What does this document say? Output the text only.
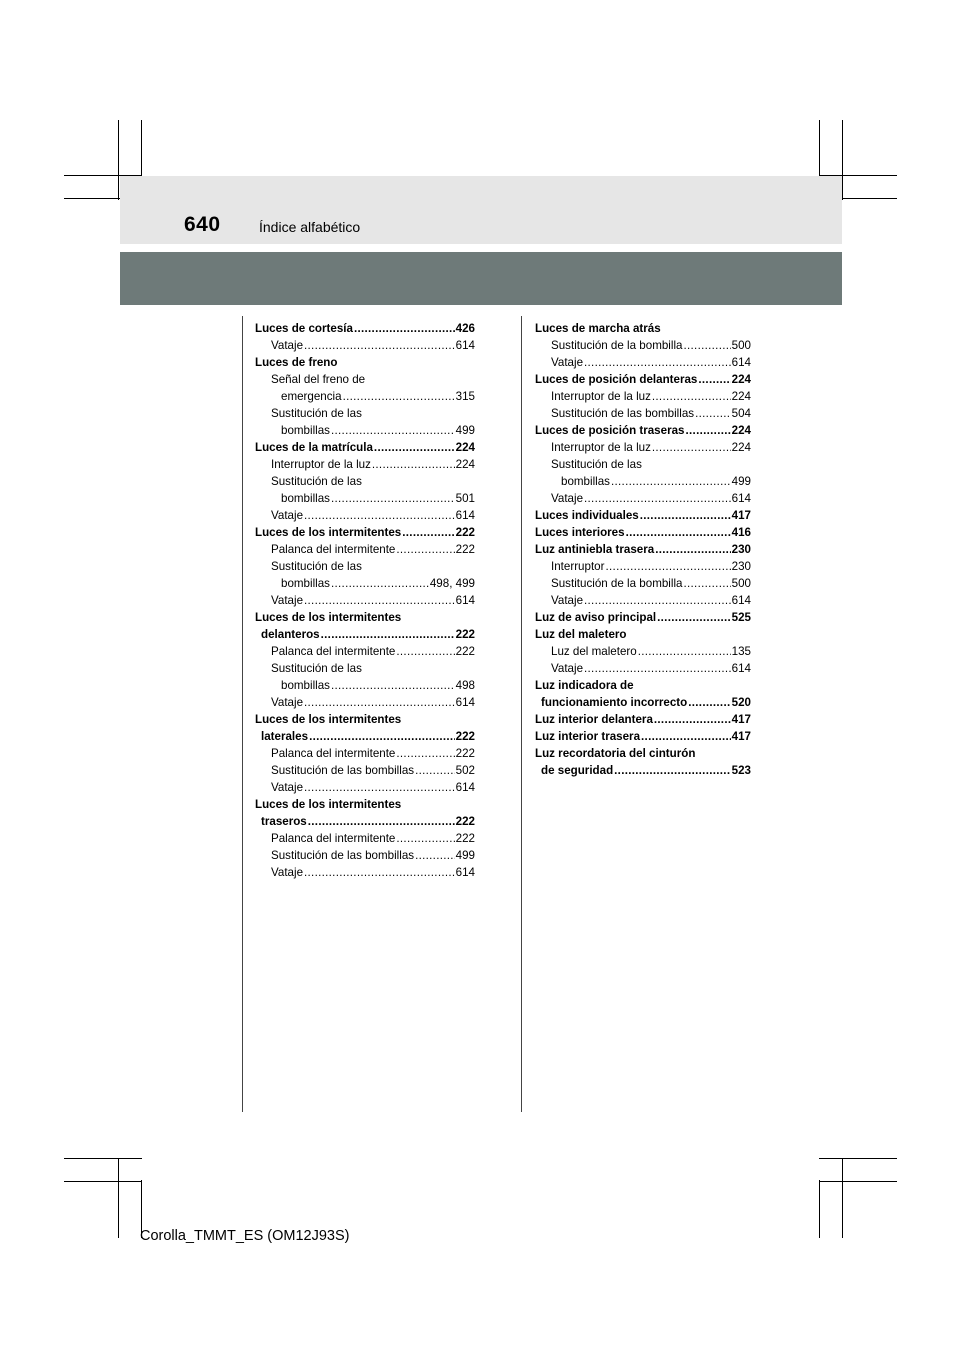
640	Índice alfabético
Luces de cortesía .....	426
Vataje .....	614
Luces de freno
Señal del freno de
emergencia .....	315
Sustitución de las
bombillas .....	499
Luces de la matrícula .....	224
Interruptor de la luz .....	224
Sustitución de las
bombillas .....	501
Vataje .....	614
Luces de los intermitentes .....	222
Palanca del intermitente .....	222
Sustitución de las
bombillas .....	498, 499
Vataje .....	614
Luces de los intermitentes
delanteros .....	222
Palanca del intermitente .....	222
Sustitución de las
bombillas .....	498
Vataje .....	614
Luces de los intermitentes
laterales .....	222
Palanca del intermitente .....	222
Sustitución de las bombillas .....	502
Vataje .....	614
Luces de los intermitentes
traseros .....	222
Palanca del intermitente .....	222
Sustitución de las bombillas .....	499
Vataje .....	614
Luces de marcha atrás
Sustitución de la bombilla .....	500
Vataje .....	614
Luces de posición delanteras .....	224
Interruptor de la luz .....	224
Sustitución de las bombillas .....	504
Luces de posición traseras .....	224
Interruptor de la luz .....	224
Sustitución de las
bombillas .....	499
Vataje .....	614
Luces individuales .....	417
Luces interiores .....	416
Luz antiniebla trasera .....	230
Interruptor .....	230
Sustitución de la bombilla .....	500
Vataje .....	614
Luz de aviso principal .....	525
Luz del maletero
Luz del maletero .....	135
Vataje .....	614
Luz indicadora de
funcionamiento incorrecto .....	520
Luz interior delantera .....	417
Luz interior trasera .....	417
Luz recordatoria del cinturón
de seguridad .....	523
Corolla_TMMT_ES (OM12J93S)
